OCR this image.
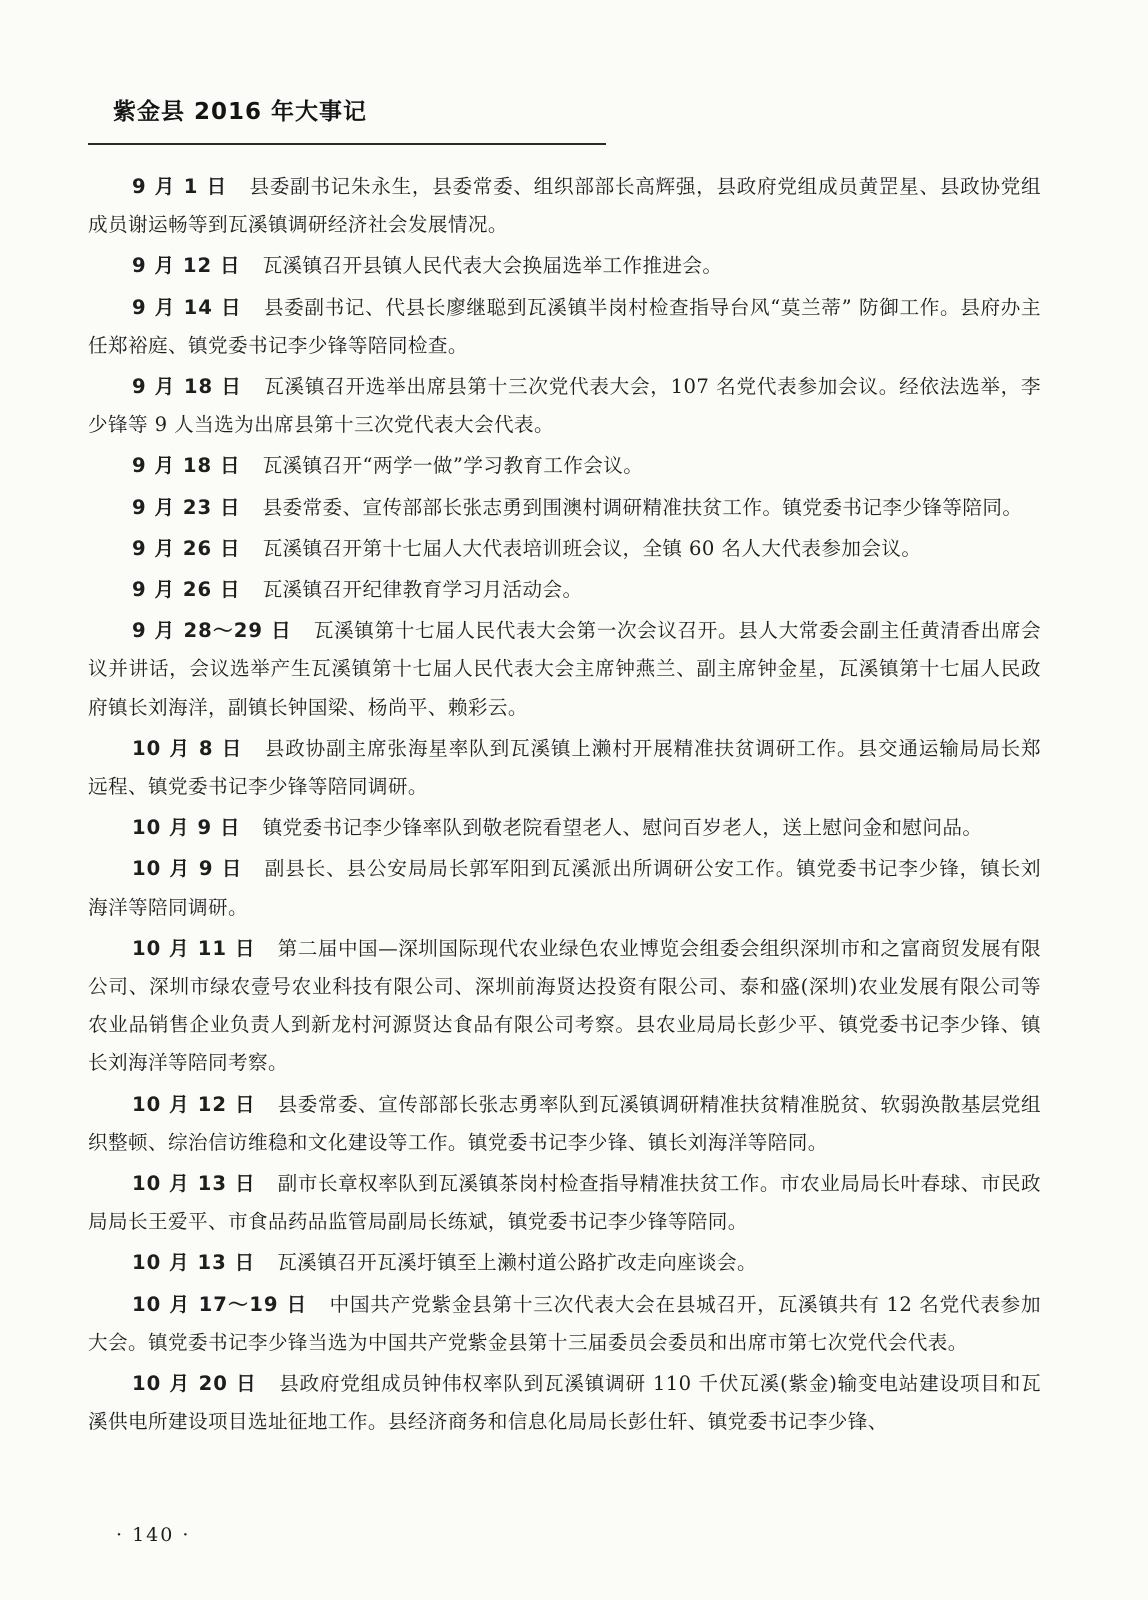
紫金县 2016 年大事记

9 月 1 日 县委副书记朱永生，县委常委、组织部部长高辉强，县政府党组成员黄罡星、县政协党组成员谢运畅等到瓦溪镇调研经济社会发展情况。

9 月 12 日 瓦溪镇召开县镇人民代表大会换届选举工作推进会。

9 月 14 日 县委副书记、代县长廖继聪到瓦溪镇半岗村检查指导台风“莫兰蒂” 防御工作。县府办主任郑裕庭、镇党委书记李少锋等陪同检查。

9 月 18 日 瓦溪镇召开选举出席县第十三次党代表大会，107 名党代表参加会议。经依法选举，李少锋等 9 人当选为出席县第十三次党代表大会代表。

9 月 18 日 瓦溪镇召开“两学一做”学习教育工作会议。

9 月 23 日 县委常委、宣传部部长张志勇到围澳村调研精准扶贫工作。镇党委书记李少锋等陪同。

9 月 26 日 瓦溪镇召开第十七届人大代表培训班会议，全镇 60 名人大代表参加会议。

9 月 26 日 瓦溪镇召开纪律教育学习月活动会。

9 月 28～29 日 瓦溪镇第十七届人民代表大会第一次会议召开。县人大常委会副主任黄清香出席会议并讲话，会议选举产生瓦溪镇第十七届人民代表大会主席钟燕兰、副主席钟金星，瓦溪镇第十七届人民政府镇长刘海洋，副镇长钟国梁、杨尚平、赖彩云。

10 月 8 日 县政协副主席张海星率队到瓦溪镇上濑村开展精准扶贫调研工作。县交通运输局局长郑远程、镇党委书记李少锋等陪同调研。

10 月 9 日 镇党委书记李少锋率队到敬老院看望老人、慰问百岁老人，送上慰问金和慰问品。

10 月 9 日 副县长、县公安局局长郭军阳到瓦溪派出所调研公安工作。镇党委书记李少锋，镇长刘海洋等陪同调研。

10 月 11 日 第二届中国—深圳国际现代农业绿色农业博览会组委会组织深圳市和之富商贸发展有限公司、深圳市绿农壹号农业科技有限公司、深圳前海贤达投资有限公司、泰和盛(深圳)农业发展有限公司等农业品销售企业负责人到新龙村河源贤达食品有限公司考察。县农业局局长彭少平、镇党委书记李少锋、镇长刘海洋等陪同考察。

10 月 12 日 县委常委、宣传部部长张志勇率队到瓦溪镇调研精准扶贫精准脱贫、软弱涣散基层党组织整顿、综治信访维稳和文化建设等工作。镇党委书记李少锋、镇长刘海洋等陪同。

10 月 13 日 副市长章权率队到瓦溪镇茶岗村检查指导精准扶贫工作。市农业局局长叶春球、市民政局局长王爱平、市食品药品监管局副局长练斌，镇党委书记李少锋等陪同。

10 月 13 日 瓦溪镇召开瓦溪圩镇至上濑村道公路扩改走向座谈会。

10 月 17～19 日 中国共产党紫金县第十三次代表大会在县城召开，瓦溪镇共有 12 名党代表参加大会。镇党委书记李少锋当选为中国共产党紫金县第十三届委员会委员和出席市第七次党代会代表。

10 月 20 日 县政府党组成员钟伟权率队到瓦溪镇调研 110 千伏瓦溪(紫金)输变电站建设项目和瓦溪供电所建设项目选址征地工作。县经济商务和信息化局局长彭仕轩、镇党委书记李少锋、

· 140 ·
